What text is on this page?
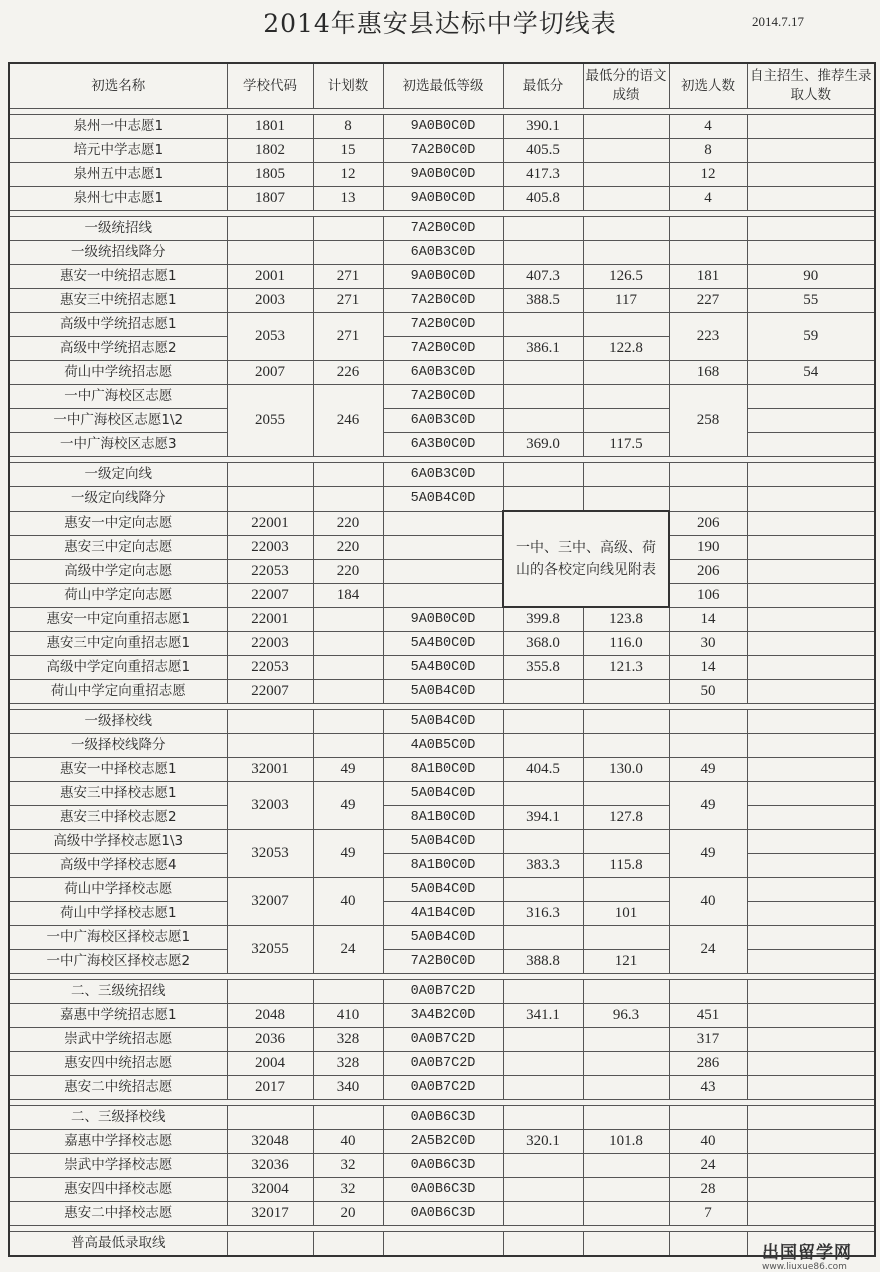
2014年惠安县达标中学切线表	2014.7.17
初选名称	学校代码	计划数	初选最低等级	最低分	最低分的语文成绩	初选人数	自主招生、推荐生录取人数

泉州一中志愿1	1801	8	9A0B0C0D	390.1		4	
培元中学志愿1	1802	15	7A2B0C0D	405.5		8	
泉州五中志愿1	1805	12	9A0B0C0D	417.3		12	
泉州七中志愿1	1807	13	9A0B0C0D	405.8		4	

一级统招线			7A2B0C0D				
一级统招线降分			6A0B3C0D				
惠安一中统招志愿1	2001	271	9A0B0C0D	407.3	126.5	181	90
惠安三中统招志愿1	2003	271	7A2B0C0D	388.5	117	227	55
高级中学统招志愿1	2053	271	7A2B0C0D			223	59
高级中学统招志愿2			7A2B0C0D	386.1	122.8		
荷山中学统招志愿	2007	226	6A0B3C0D			168	54
一中广海校区志愿	2055	246	7A2B0C0D			258	
一中广海校区志愿1\2			6A0B3C0D				
一中广海校区志愿3			6A3B0C0D	369.0	117.5		

一级定向线			6A0B3C0D				
一级定向线降分			5A0B4C0D				
惠安一中定向志愿	22001	220		一中、三中、高级、荷山的各校定向线见附表		206	
惠安三中定向志愿	22003	220				190	
高级中学定向志愿	22053	220				206	
荷山中学定向志愿	22007	184				106	
惠安一中定向重招志愿1	22001		9A0B0C0D	399.8	123.8	14	
惠安三中定向重招志愿1	22003		5A4B0C0D	368.0	116.0	30	
高级中学定向重招志愿1	22053		5A4B0C0D	355.8	121.3	14	
荷山中学定向重招志愿	22007		5A0B4C0D			50	

一级择校线			5A0B4C0D				
一级择校线降分			4A0B5C0D				
惠安一中择校志愿1	32001	49	8A1B0C0D	404.5	130.0	49	
惠安三中择校志愿1	32003	49	5A0B4C0D			49	
惠安三中择校志愿2			8A1B0C0D	394.1	127.8		
高级中学择校志愿1\3	32053	49	5A0B4C0D			49	
高级中学择校志愿4			8A1B0C0D	383.3	115.8		
荷山中学择校志愿	32007	40	5A0B4C0D			40	
荷山中学择校志愿1			4A1B4C0D	316.3	101		
一中广海校区择校志愿1	32055	24	5A0B4C0D			24	
一中广海校区择校志愿2			7A2B0C0D	388.8	121		

二、三级统招线			0A0B7C2D				
嘉惠中学统招志愿1	2048	410	3A4B2C0D	341.1	96.3	451	
崇武中学统招志愿	2036	328	0A0B7C2D			317	
惠安四中统招志愿	2004	328	0A0B7C2D			286	
惠安二中统招志愿	2017	340	0A0B7C2D			43	

二、三级择校线			0A0B6C3D				
嘉惠中学择校志愿	32048	40	2A5B2C0D	320.1	101.8	40	
崇武中学择校志愿	32036	32	0A0B6C3D			24	
惠安四中择校志愿	32004	32	0A0B6C3D			28	
惠安二中择校志愿	32017	20	0A0B6C3D			7	

普高最低录取线								出国留学网
www.liuxue86.com
